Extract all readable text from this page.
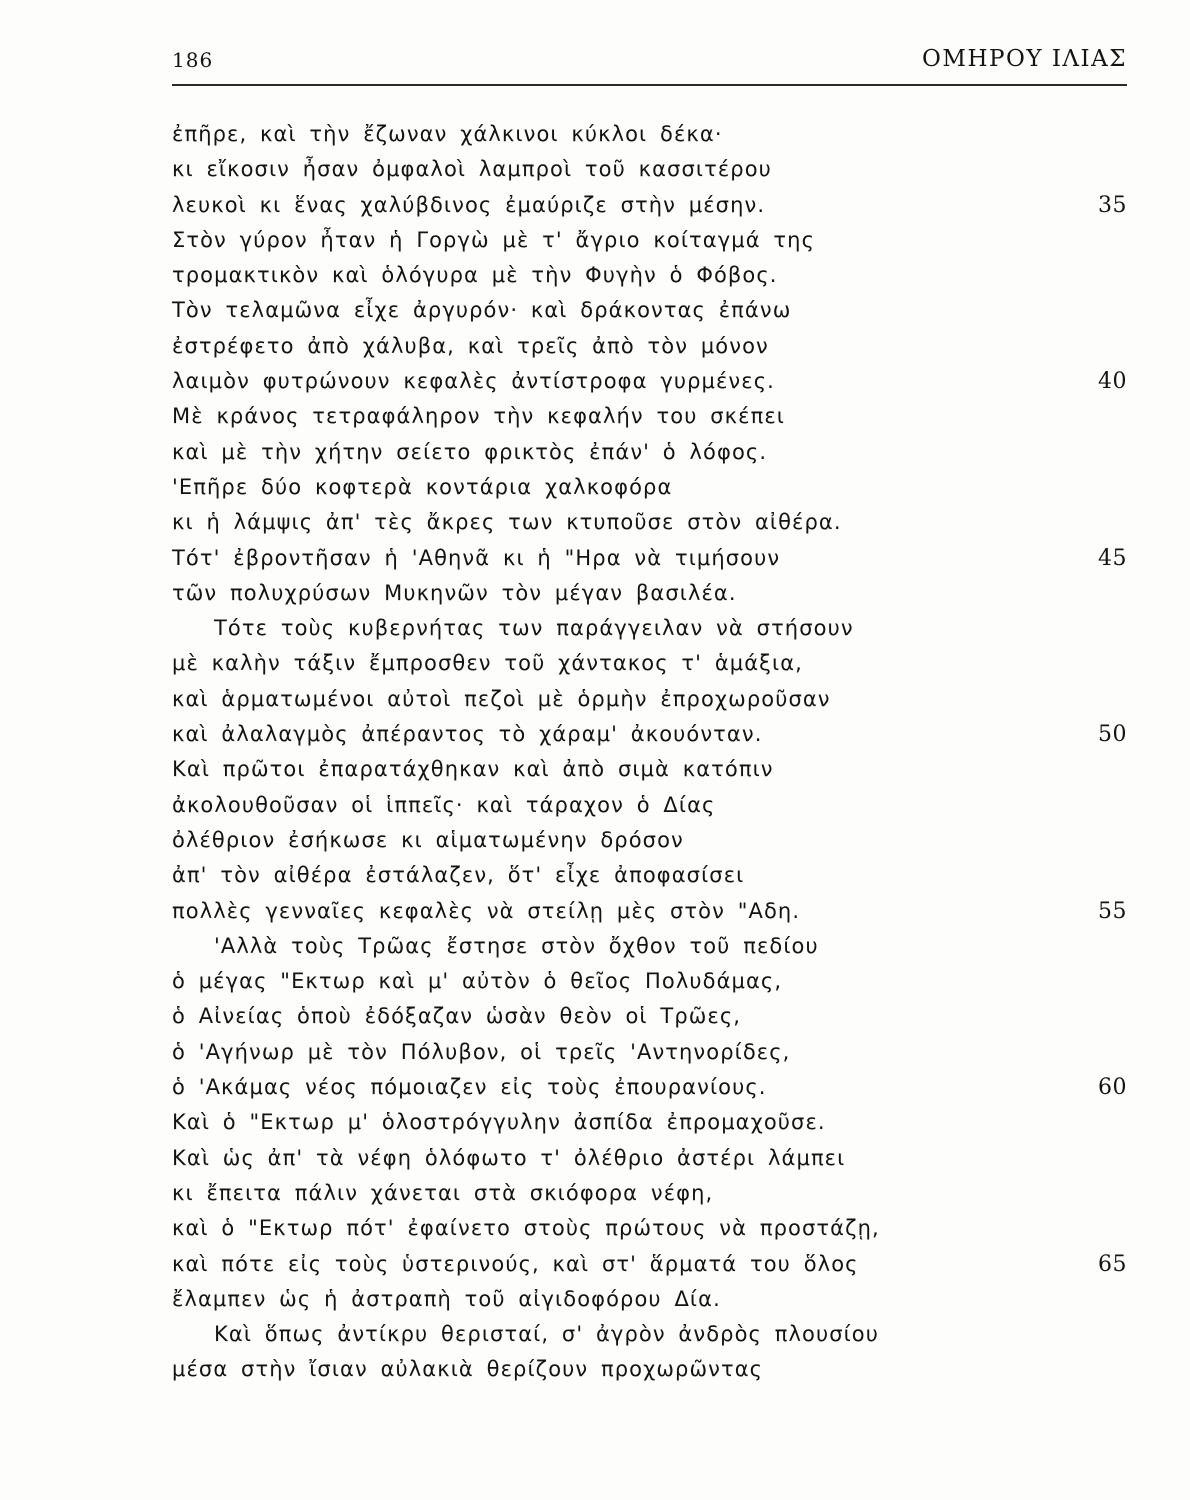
186	ΟΜΗΡΟΥ ΙΛΙΑΣ
ἐπῆρε, καὶ τὴν ἔζωναν χάλκινοι κύκλοι δέκα·
κι εἴκοσιν ἦσαν ὀμφαλοὶ λαμπροὶ τοῦ κασσιτέρου
λευκοὶ κι ἕνας χαλύβδινος ἐμαύριζε στὴν μέσην.	35
Στὸν γύρον ἦταν ἡ Γοργὼ μὲ τ' ἄγριο κοίταγμά της
τρομακτικὸν καὶ ὁλόγυρα μὲ τὴν Φυγὴν ὁ Φόβος.
Τὸν τελαμῶνα εἶχε ἀργυρόν· καὶ δράκοντας ἐπάνω
ἐστρέφετο ἀπὸ χάλυβα, καὶ τρεῖς ἀπὸ τὸν μόνον
λαιμὸν φυτρώνουν κεφαλὲς ἀντίστροφα γυρμένες.	40
Μὲ κράνος τετραφάληρον τὴν κεφαλήν του σκέπει
καὶ μὲ τὴν χήτην σείετο φρικτὸς ἐπάν' ὁ λόφος.
'Επῆρε δύο κοφτερὰ κοντάρια χαλκοφόρα
κι ἡ λάμψις ἀπ' τὲς ἄκρες των κτυποῦσε στὸν αἰθέρα.
Τότ' ἐβροντῆσαν ἡ 'Αθηνᾶ κι ἡ "Ηρα νὰ τιμήσουν	45
τῶν πολυχρύσων Μυκηνῶν τὸν μέγαν βασιλέα.
Τότε τοὺς κυβερνήτας των παράγγειλαν νὰ στήσουν
μὲ καλὴν τάξιν ἔμπροσθεν τοῦ χάντακος τ' ἁμάξια,
καὶ ἁρματωμένοι αὐτοὶ πεζοὶ μὲ ὁρμὴν ἐπροχωροῦσαν
καὶ ἀλαλαγμὸς ἀπέραντος τὸ χάραμ' ἀκουόνταν.	50
Καὶ πρῶτοι ἐπαρατάχθηκαν καὶ ἀπὸ σιμὰ κατόπιν
ἀκολουθοῦσαν οἱ ἱππεῖς· καὶ τάραχον ὁ Δίας
ὀλέθριον ἐσήκωσε κι αἱματωμένην δρόσον
ἀπ' τὸν αἰθέρα ἐστάλαζεν, ὅτ' εἶχε ἀποφασίσει
πολλὲς γενναῖες κεφαλὲς νὰ στείλῃ μὲς στὸν "Αδη.	55
'Αλλὰ τοὺς Τρῶας ἔστησε στὸν ὄχθον τοῦ πεδίου
ὁ μέγας "Εκτωρ καὶ μ' αὐτὸν ὁ θεῖος Πολυδάμας,
ὁ Αἰνείας ὁποὺ ἐδόξαζαν ὡσὰν θεὸν οἱ Τρῶες,
ὁ 'Αγήνωρ μὲ τὸν Πόλυβον, οἱ τρεῖς 'Αντηνορίδες,
ὁ 'Ακάμας νέος πόμοιαζεν εἰς τοὺς ἐπουρανίους.	60
Καὶ ὁ "Εκτωρ μ' ὁλοστρόγγυλην ἀσπίδα ἐπρομαχοῦσε.
Καὶ ὡς ἀπ' τὰ νέφη ὁλόφωτο τ' ὀλέθριο ἀστέρι λάμπει
κι ἔπειτα πάλιν χάνεται στὰ σκιόφορα νέφη,
καὶ ὁ "Εκτωρ πότ' ἐφαίνετο στοὺς πρώτους νὰ προστάζῃ,
καὶ πότε εἰς τοὺς ὑστερινούς, καὶ στ' ἅρματά του ὅλος	65
ἔλαμπεν ὡς ἡ ἀστραπὴ τοῦ αἰγιδοφόρου Δία.
Καὶ ὅπως ἀντίκρυ θερισταί, σ' ἀγρὸν ἀνδρὸς πλουσίου
μέσα στὴν ἴσιαν αὐλακιὰ θερίζουν προχωρῶντας
